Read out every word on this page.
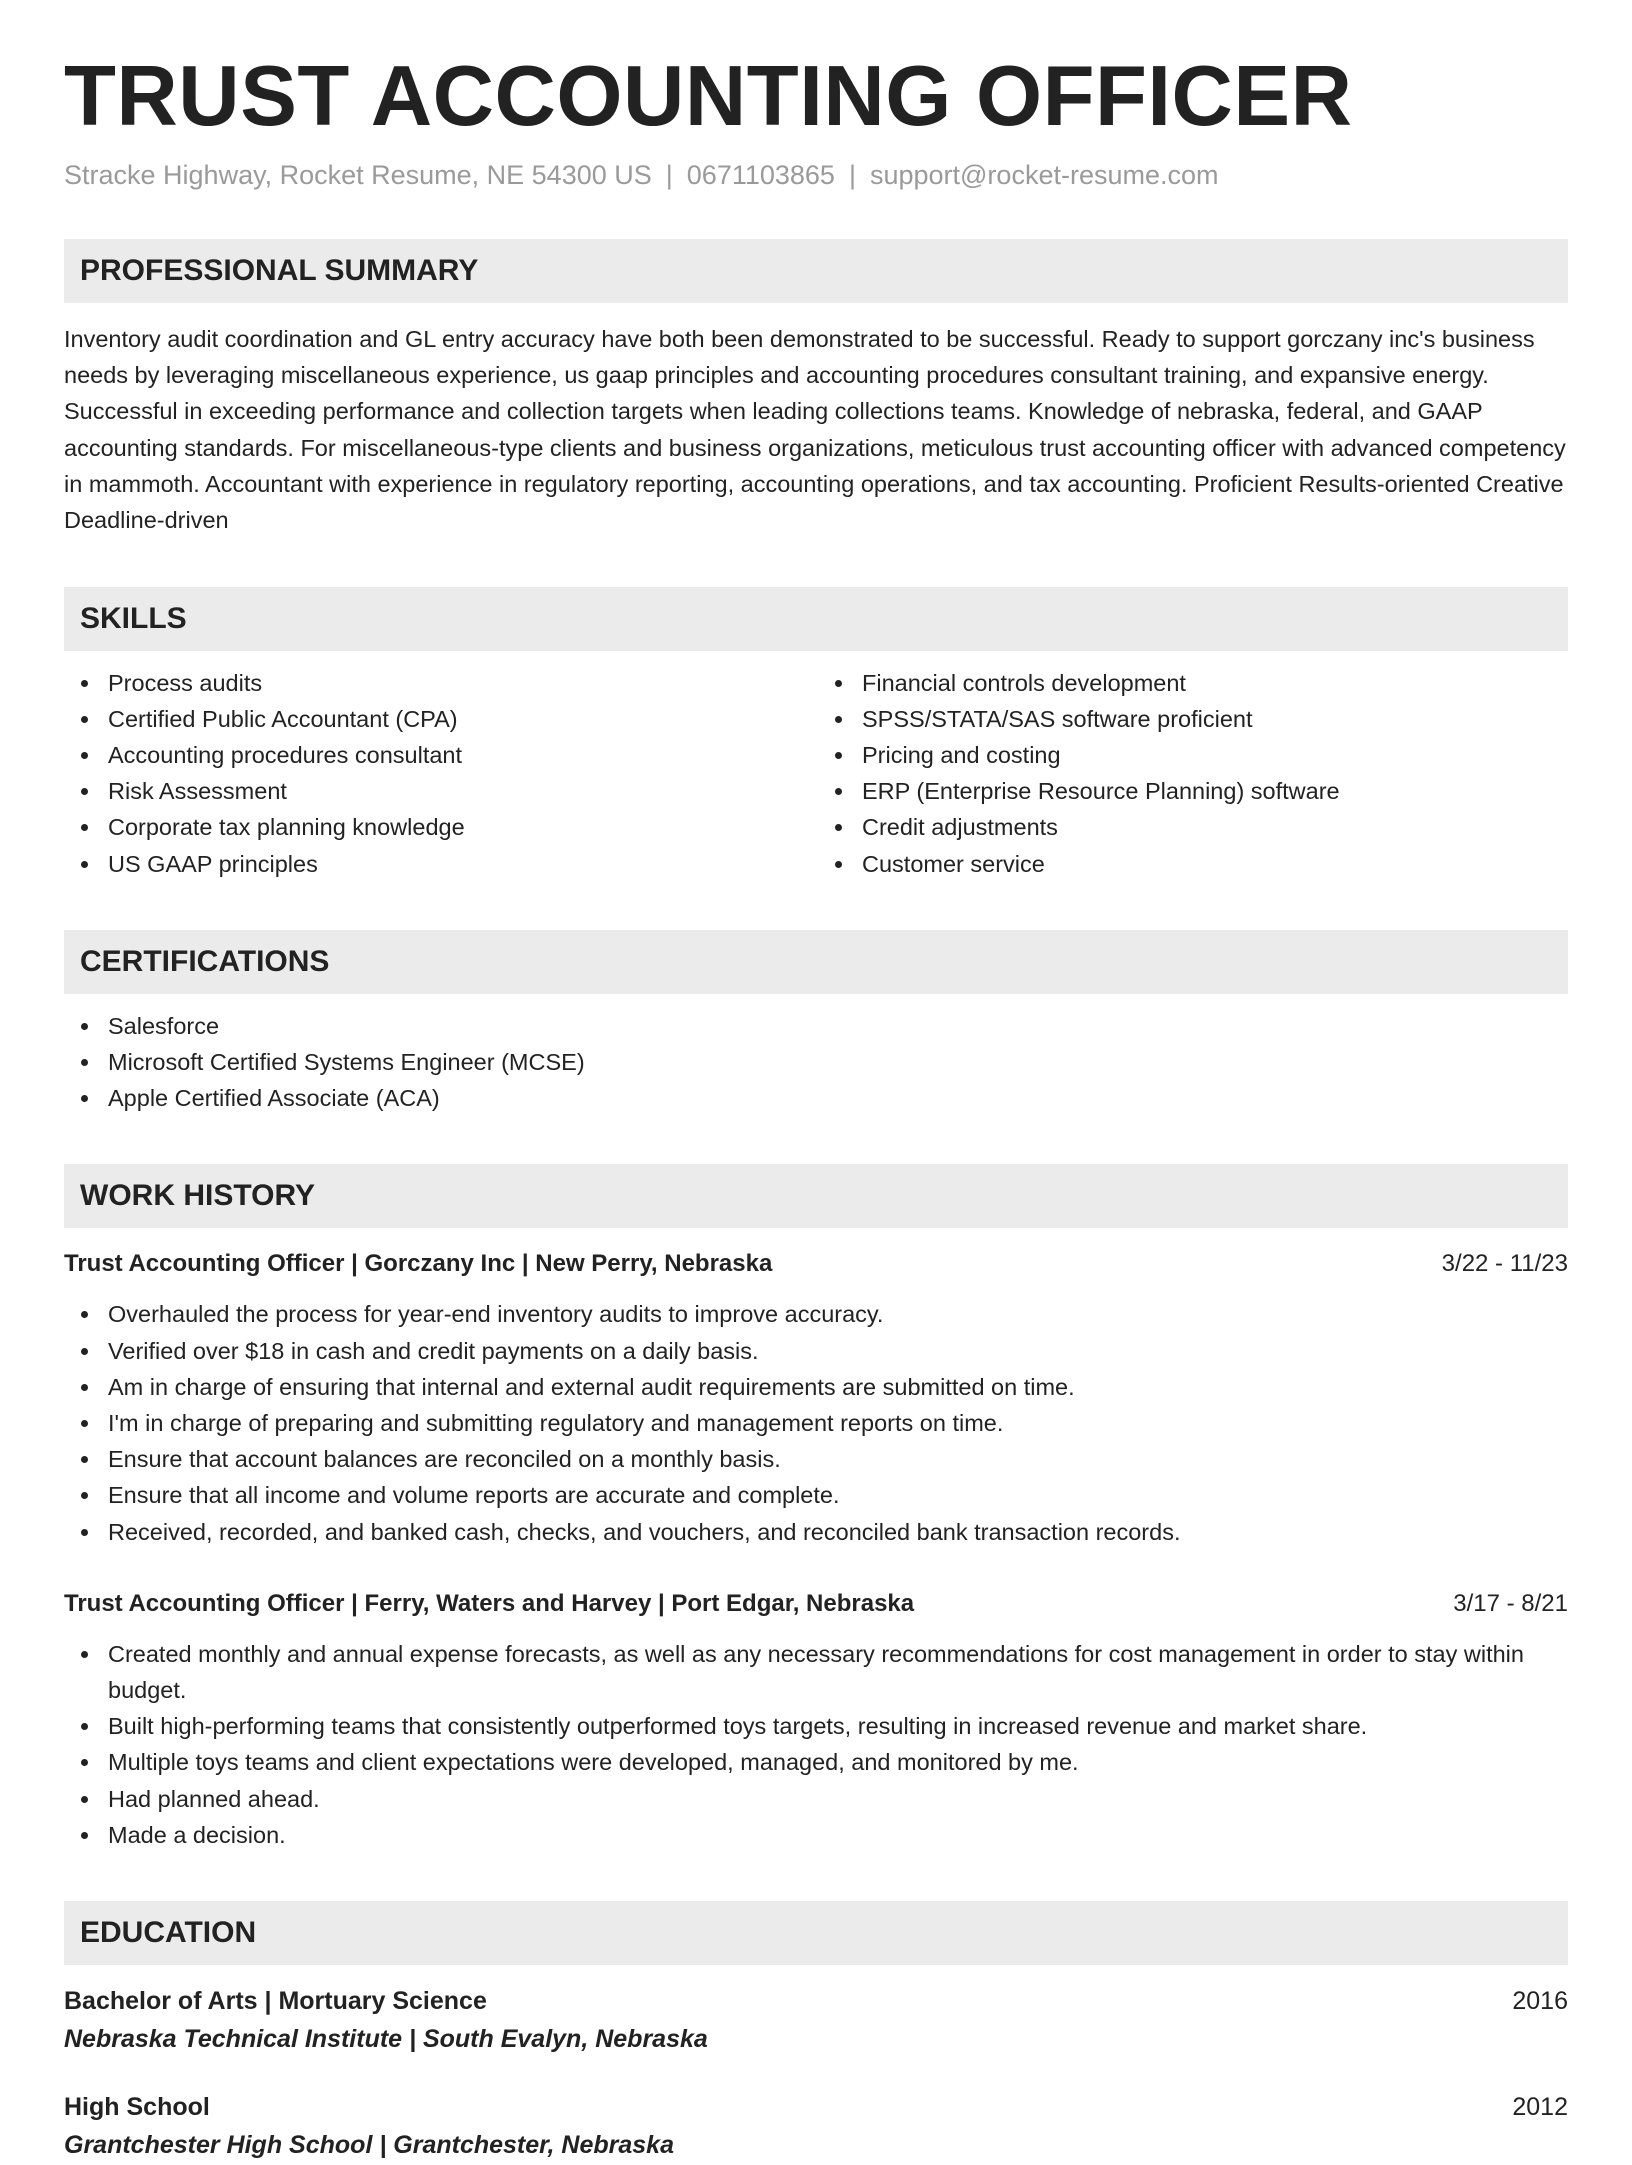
TRUST ACCOUNTING OFFICER
Stracke Highway, Rocket Resume, NE 54300 US | 0671103865 | support@rocket-resume.com
PROFESSIONAL SUMMARY
Inventory audit coordination and GL entry accuracy have both been demonstrated to be successful. Ready to support gorczany inc's business needs by leveraging miscellaneous experience, us gaap principles and accounting procedures consultant training, and expansive energy. Successful in exceeding performance and collection targets when leading collections teams. Knowledge of nebraska, federal, and GAAP accounting standards. For miscellaneous-type clients and business organizations, meticulous trust accounting officer with advanced competency in mammoth. Accountant with experience in regulatory reporting, accounting operations, and tax accounting. Proficient Results-oriented Creative Deadline-driven
SKILLS
Process audits
Certified Public Accountant (CPA)
Accounting procedures consultant
Risk Assessment
Corporate tax planning knowledge
US GAAP principles
Financial controls development
SPSS/STATA/SAS software proficient
Pricing and costing
ERP (Enterprise Resource Planning) software
Credit adjustments
Customer service
CERTIFICATIONS
Salesforce
Microsoft Certified Systems Engineer (MCSE)
Apple Certified Associate (ACA)
WORK HISTORY
Trust Accounting Officer | Gorczany Inc | New Perry, Nebraska	3/22 - 11/23
Overhauled the process for year-end inventory audits to improve accuracy.
Verified over $18 in cash and credit payments on a daily basis.
Am in charge of ensuring that internal and external audit requirements are submitted on time.
I'm in charge of preparing and submitting regulatory and management reports on time.
Ensure that account balances are reconciled on a monthly basis.
Ensure that all income and volume reports are accurate and complete.
Received, recorded, and banked cash, checks, and vouchers, and reconciled bank transaction records.
Trust Accounting Officer | Ferry, Waters and Harvey | Port Edgar, Nebraska	3/17 - 8/21
Created monthly and annual expense forecasts, as well as any necessary recommendations for cost management in order to stay within budget.
Built high-performing teams that consistently outperformed toys targets, resulting in increased revenue and market share.
Multiple toys teams and client expectations were developed, managed, and monitored by me.
Had planned ahead.
Made a decision.
EDUCATION
Bachelor of Arts | Mortuary Science	2016
Nebraska Technical Institute | South Evalyn, Nebraska
High School	2012
Grantchester High School | Grantchester, Nebraska
